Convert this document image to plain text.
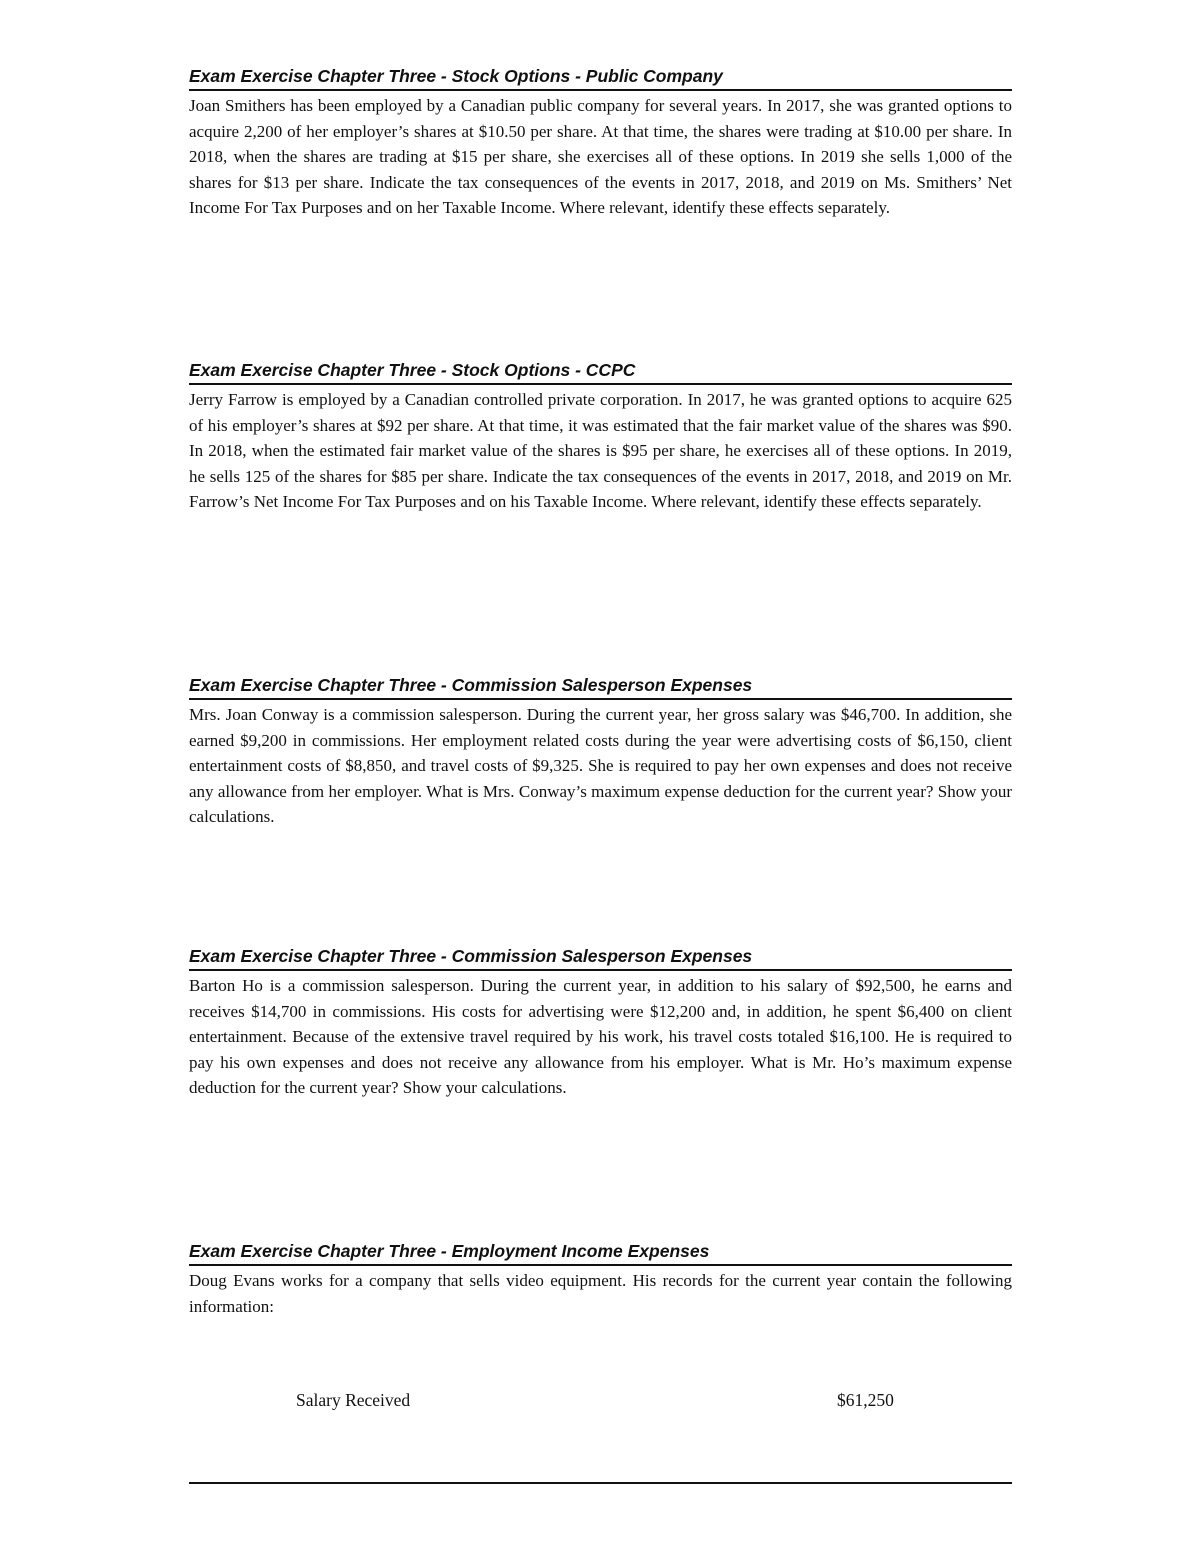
Exam Exercise Chapter Three - Stock Options - Public Company
Joan Smithers has been employed by a Canadian public company for several years. In 2017, she was granted options to acquire 2,200 of her employer’s shares at $10.50 per share. At that time, the shares were trading at $10.00 per share. In 2018, when the shares are trading at $15 per share, she exercises all of these options. In 2019 she sells 1,000 of the shares for $13 per share. Indicate the tax consequences of the events in 2017, 2018, and 2019 on Ms. Smithers’ Net Income For Tax Purposes and on her Taxable Income. Where relevant, identify these effects separately.
Exam Exercise Chapter Three - Stock Options - CCPC
Jerry Farrow is employed by a Canadian controlled private corporation. In 2017, he was granted options to acquire 625 of his employer’s shares at $92 per share. At that time, it was estimated that the fair market value of the shares was $90. In 2018, when the estimated fair market value of the shares is $95 per share, he exercises all of these options. In 2019, he sells 125 of the shares for $85 per share. Indicate the tax consequences of the events in 2017, 2018, and 2019 on Mr. Farrow’s Net Income For Tax Purposes and on his Taxable Income. Where relevant, identify these effects separately.
Exam Exercise Chapter Three - Commission Salesperson Expenses
Mrs. Joan Conway is a commission salesperson. During the current year, her gross salary was $46,700. In addition, she earned $9,200 in commissions. Her employment related costs during the year were advertising costs of $6,150, client entertainment costs of $8,850, and travel costs of $9,325. She is required to pay her own expenses and does not receive any allowance from her employer. What is Mrs. Conway’s maximum expense deduction for the current year? Show your calculations.
Exam Exercise Chapter Three - Commission Salesperson Expenses
Barton Ho is a commission salesperson. During the current year, in addition to his salary of $92,500, he earns and receives $14,700 in commissions. His costs for advertising were $12,200 and, in addition, he spent $6,400 on client entertainment. Because of the extensive travel required by his work, his travel costs totaled $16,100. He is required to pay his own expenses and does not receive any allowance from his employer. What is Mr. Ho’s maximum expense deduction for the current year? Show your calculations.
Exam Exercise Chapter Three - Employment Income Expenses
Doug Evans works for a company that sells video equipment. His records for the current year contain the following information:
Salary Received	$61,250
